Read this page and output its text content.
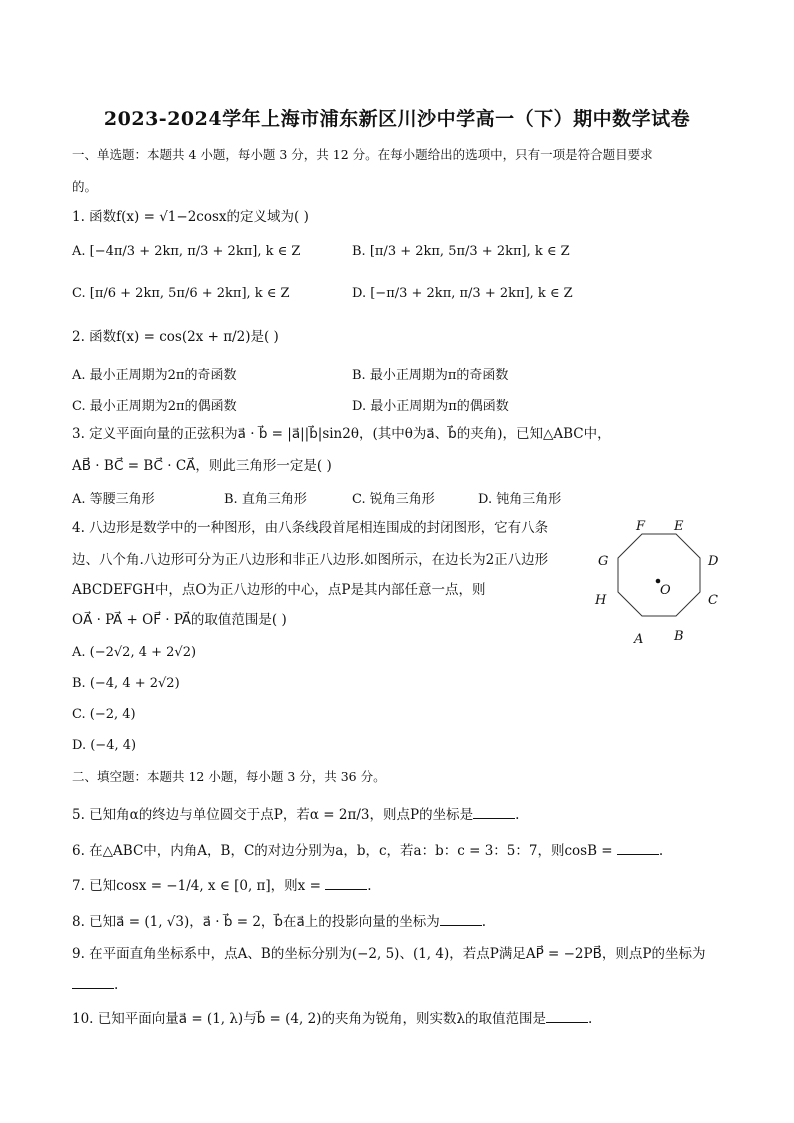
2023-2024学年上海市浦东新区川沙中学高一（下）期中数学试卷
一、单选题：本题共 4 小题，每小题 3 分，共 12 分。在每小题给出的选项中，只有一项是符合题目要求
的。
1. 函数f(x) = √1−2cosx的定义域为( )
A. [−4π/3 + 2kπ, π/3 + 2kπ], k ∈ Z	B. [π/3 + 2kπ, 5π/3 + 2kπ], k ∈ Z
C. [π/6 + 2kπ, 5π/6 + 2kπ], k ∈ Z	D. [−π/3 + 2kπ, π/3 + 2kπ], k ∈ Z
2. 函数f(x) = cos(2x + π/2)是( )
A. 最小正周期为2π的奇函数	B. 最小正周期为π的奇函数
C. 最小正周期为2π的偶函数	D. 最小正周期为π的偶函数
3. 定义平面向量的正弦积为a⃗ · b⃗ = |a⃗||b⃗|sin2θ，(其中θ为a⃗、b⃗的夹角)，已知△ABC中，
AB⃗ · BC⃗ = BC⃗ · CA⃗，则此三角形一定是( )
A. 等腰三角形	B. 直角三角形	C. 锐角三角形	D. 钝角三角形
4. 八边形是数学中的一种图形，由八条线段首尾相连围成的封闭图形，它有八条
边、八个角.八边形可分为正八边形和非正八边形.如图所示，在边长为2正八边形
ABCDEFGH中，点O为正八边形的中心，点P是其内部任意一点，则
OA⃗ · PA⃗ + OF⃗ · PA⃗的取值范围是( )
A. (−2√2, 4 + 2√2)
B. (−4, 4 + 2√2)
C. (−2, 4)
D. (−4, 4)
F E
D
C
B
A
H
G
O
二、填空题：本题共 12 小题，每小题 3 分，共 36 分。
5. 已知角α的终边与单位圆交于点P，若α = 2π/3，则点P的坐标是	.
6. 在△ABC中，内角A，B，C的对边分别为a，b，c，若a：b：c = 3：5：7，则cosB =	.
7. 已知cosx = −1/4, x ∈ [0, π]，则x =	.
8. 已知a⃗ = (1, √3)，a⃗ · b⃗ = 2，b⃗在a⃗上的投影向量的坐标为	.
9. 在平面直角坐标系中，点A、B的坐标分别为(−2, 5)、(1, 4)，若点P满足AP⃗ = −2PB⃗，则点P的坐标为
.
10. 已知平面向量a⃗ = (1, λ)与b⃗ = (4, 2)的夹角为锐角，则实数λ的取值范围是	.
